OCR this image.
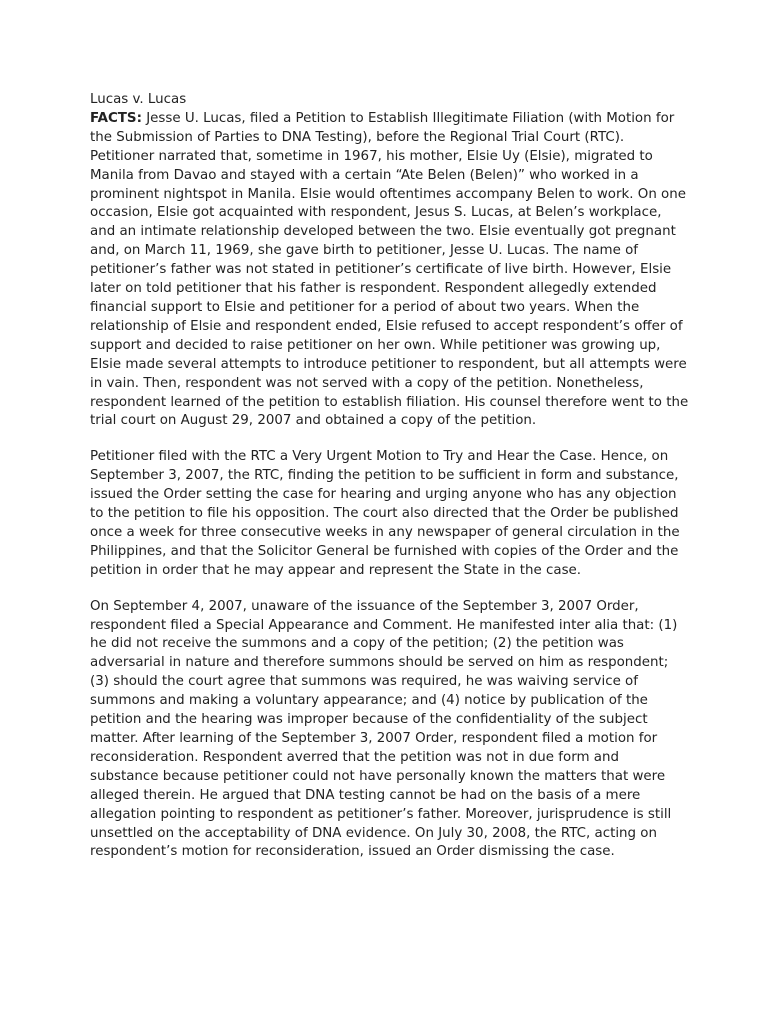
Lucas v. Lucas

FACTS: Jesse U. Lucas, filed a Petition to Establish Illegitimate Filiation (with Motion for the Submission of Parties to DNA Testing), before the Regional Trial Court (RTC). Petitioner narrated that, sometime in 1967, his mother, Elsie Uy (Elsie), migrated to Manila from Davao and stayed with a certain “Ate Belen (Belen)” who worked in a prominent nightspot in Manila. Elsie would oftentimes accompany Belen to work. On one occasion, Elsie got acquainted with respondent, Jesus S. Lucas, at Belen’s workplace, and an intimate relationship developed between the two. Elsie eventually got pregnant and, on March 11, 1969, she gave birth to petitioner, Jesse U. Lucas. The name of petitioner’s father was not stated in petitioner’s certificate of live birth. However, Elsie later on told petitioner that his father is respondent. Respondent allegedly extended financial support to Elsie and petitioner for a period of about two years. When the relationship of Elsie and respondent ended, Elsie refused to accept respondent’s offer of support and decided to raise petitioner on her own. While petitioner was growing up, Elsie made several attempts to introduce petitioner to respondent, but all attempts were in vain. Then, respondent was not served with a copy of the petition. Nonetheless, respondent learned of the petition to establish filiation. His counsel therefore went to the trial court on August 29, 2007 and obtained a copy of the petition.

Petitioner filed with the RTC a Very Urgent Motion to Try and Hear the Case. Hence, on September 3, 2007, the RTC, finding the petition to be sufficient in form and substance, issued the Order setting the case for hearing and urging anyone who has any objection to the petition to file his opposition. The court also directed that the Order be published once a week for three consecutive weeks in any newspaper of general circulation in the Philippines, and that the Solicitor General be furnished with copies of the Order and the petition in order that he may appear and represent the State in the case.

On September 4, 2007, unaware of the issuance of the September 3, 2007 Order, respondent filed a Special Appearance and Comment. He manifested inter alia that: (1) he did not receive the summons and a copy of the petition; (2) the petition was adversarial in nature and therefore summons should be served on him as respondent; (3) should the court agree that summons was required, he was waiving service of summons and making a voluntary appearance; and (4) notice by publication of the petition and the hearing was improper because of the confidentiality of the subject matter. After learning of the September 3, 2007 Order, respondent filed a motion for reconsideration. Respondent averred that the petition was not in due form and substance because petitioner could not have personally known the matters that were alleged therein. He argued that DNA testing cannot be had on the basis of a mere allegation pointing to respondent as petitioner’s father. Moreover, jurisprudence is still unsettled on the acceptability of DNA evidence. On July 30, 2008, the RTC, acting on respondent’s motion for reconsideration, issued an Order dismissing the case.
